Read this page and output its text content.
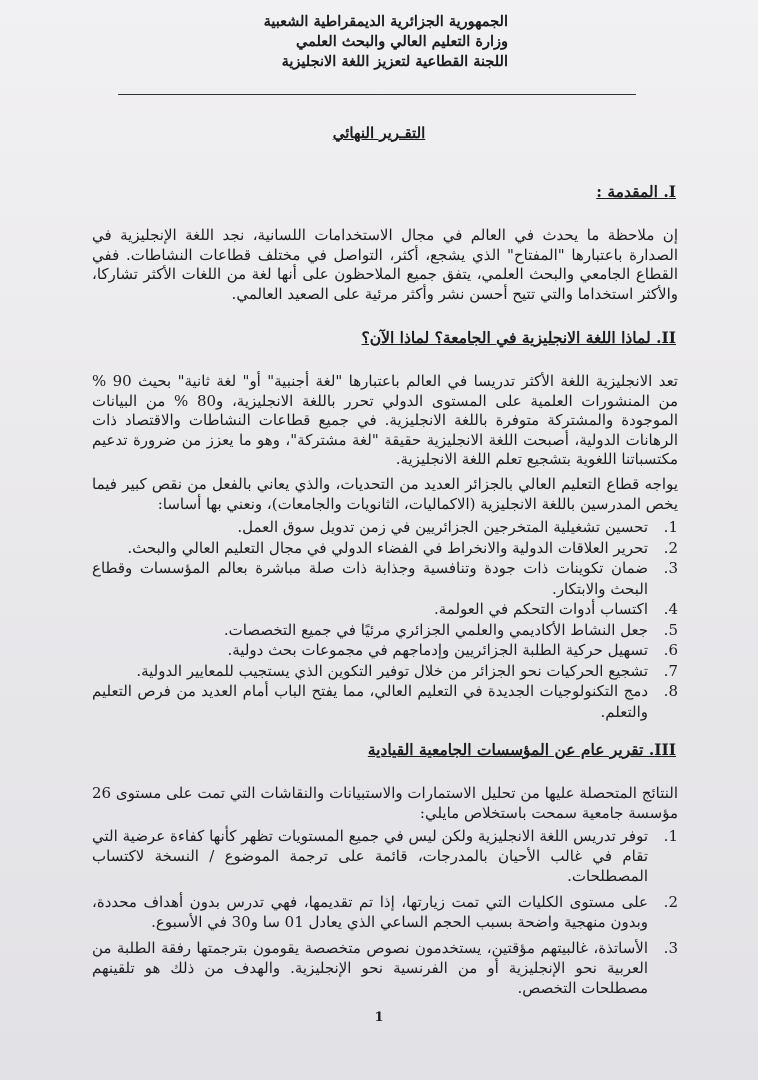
الجمهورية الجزائرية الديمقراطية الشعبية
وزارة التعليم العالي والبحث العلمي
اللجنة القطاعية لتعزيز اللغة الانجليزية
التقـرير النهائي
I. المقدمة :
إن ملاحظة ما يحدث في العالم في مجال الاستخدامات اللسانية، نجد اللغة الإنجليزية في الصدارة باعتبارها "المفتاح" الذي يشجع، أكثر، التواصل في مختلف قطاعات النشاطات. ففي القطاع الجامعي والبحث العلمي، يتفق جميع الملاحظون على أنها لغة من اللغات الأكثر تشاركا، والأكثر استخداما والتي تتيح أحسن نشر وأكثر مرئية على الصعيد العالمي.
II. لماذا اللغة الانجليزية في الجامعة؟ لماذا الآن؟
تعد الانجليزية اللغة الأكثر تدريسا في العالم باعتبارها "لغة أجنبية" أو" لغة ثانية" بحيث 90 % من المنشورات العلمية على المستوى الدولي تحرر باللغة الانجليزية، و80 % من البيانات الموجودة والمشتركة متوفرة باللغة الانجليزية. في جميع قطاعات النشاطات والاقتصاد ذات الرهانات الدولية، أصبحت اللغة الانجليزية حقيقة "لغة مشتركة"، وهو ما يعزز من ضرورة تدعيم مكتسباتنا اللغوية بتشجيع تعلم اللغة الانجليزية.
يواجه قطاع التعليم العالي بالجزائر العديد من التحديات، والذي يعاني بالفعل من نقص كبير فيما يخص المدرسين باللغة الانجليزية (الاكماليات، الثانويات والجامعات)، ونعني بها أساسا:
1.
تحسين تشغيلية المتخرجين الجزائريين في زمن تدويل سوق العمل.
2.
تحرير العلاقات الدولية والانخراط في الفضاء الدولي في مجال التعليم العالي والبحث.
3.
ضمان تكوينات ذات جودة وتنافسية وجذابة ذات صلة مباشرة بعالم المؤسسات وقطاع البحث والابتكار.
4.
اكتساب أدوات التحكم في العولمة.
5.
جعل النشاط الأكاديمي والعلمي الجزائري مرئيًا في جميع التخصصات.
6.
تسهيل حركية الطلبة الجزائريين وإدماجهم في مجموعات بحث دولية.
7.
تشجيع الحركيات نحو الجزائر من خلال توفير التكوين الذي يستجيب للمعايير الدولية.
8.
دمج التكنولوجيات الجديدة في التعليم العالي، مما يفتح الباب أمام العديد من فرص التعليم والتعلم.
III. تقرير عام عن المؤسسات الجامعية القيادية
النتائج المتحصلة عليها من تحليل الاستمارات والاستبيانات والنقاشات التي تمت على مستوى 26 مؤسسة جامعية سمحت باستخلاص مايلي:
1.
توفر تدريس اللغة الانجليزية ولكن ليس في جميع المستويات تظهر كأنها كفاءة عرضية التي تقام في غالب الأحيان بالمدرجات، قائمة على ترجمة الموضوع / النسخة لاكتساب المصطلحات.
2.
على مستوى الكليات التي تمت زيارتها، إذا تم تقديمها، فهي تدرس بدون أهداف محددة، وبدون منهجية واضحة بسبب الحجم الساعي الذي يعادل 01 سا و30 في الأسبوع.
3.
الأساتذة، غالبيتهم مؤقتين، يستخدمون نصوص متخصصة يقومون بترجمتها رفقة الطلبة من العربية نحو الإنجليزية أو من الفرنسية نحو الإنجليزية. والهدف من ذلك هو تلقينهم مصطلحات التخصص.
1
